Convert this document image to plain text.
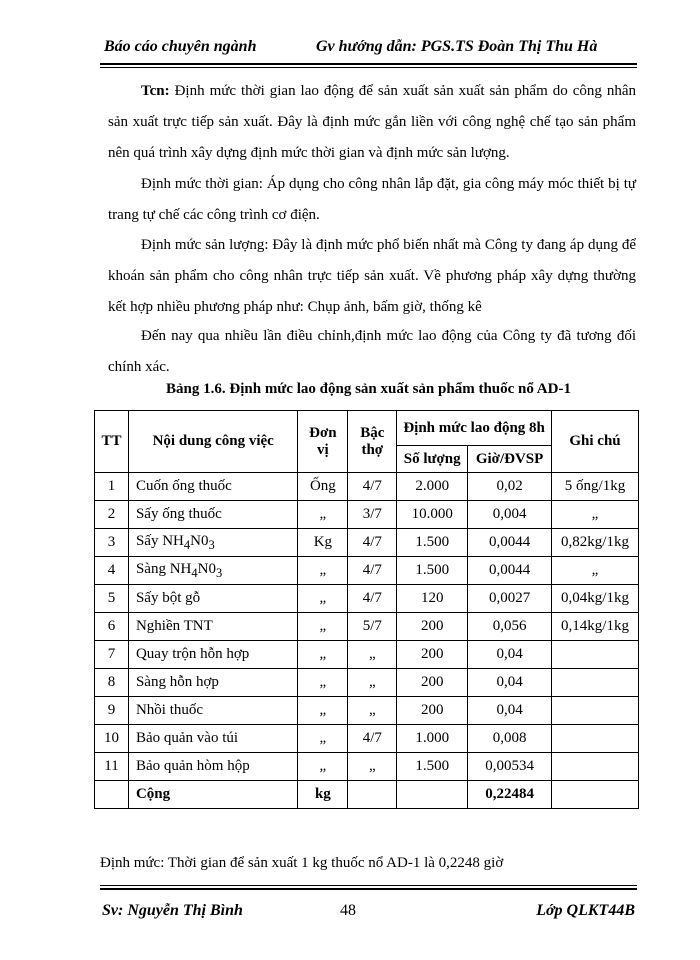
Báo cáo chuyên ngành	Gv hướng dẫn: PGS.TS Đoàn Thị Thu Hà
Tcn: Định mức thời gian lao động để sản xuất sản xuất sản phẩm do công nhân sản xuất trực tiếp sản xuất. Đây là định mức gắn liền với công nghệ chế tạo sản phẩm nên quá trình xây dựng định mức thời gian và định mức sản lượng.
Định mức thời gian: Áp dụng cho công nhân lắp đặt, gia công máy móc thiết bị tự trang tự chế các công trình cơ điện.
Định mức sản lượng: Đây là định mức phổ biến nhất mà Công ty đang áp dụng để khoán sản phẩm cho công nhân trực tiếp sản xuất. Về phương pháp xây dựng thường kết hợp nhiều phương pháp như: Chụp ảnh, bấm giờ, thống kê
Đến nay qua nhiều lần điều chỉnh,định mức lao động của Công ty đã tương đối chính xác.
Bảng 1.6. Định mức lao động sản xuất sản phẩm thuốc nổ AD-1
TT	Nội dung công việc	Đơn vị	Bậc thợ	Định mức lao động 8h		Ghi chú
				Số lượng	Giờ/ĐVSP	
1	Cuốn ống thuốc	Ống	4/7	2.000	0,02	5 ống/1kg
2	Sấy ống thuốc	„	3/7	10.000	0,004	„
3	Sấy $NH_4N0_3$	Kg	4/7	1.500	0,0044	0,82kg/1kg
4	Sàng $NH_4N0_3$	„	4/7	1.500	0,0044	„
5	Sấy bột gỗ	„	4/7	120	0,0027	0,04kg/1kg
6	Nghiền TNT	„	5/7	200	0,056	0,14kg/1kg
7	Quay trộn hỗn hợp	„	„	200	0,04	
8	Sàng hỗn hợp	„	„	200	0,04	
9	Nhồi thuốc	„	„	200	0,04	
10	Bảo quản vào túi	„	4/7	1.000	0,008	
11	Bảo quản hòm hộp	„	„	1.500	0,00534	
	Cộng	kg			0,22484	
Định mức: Thời gian để sản xuất 1 kg thuốc nổ AD-1 là 0,2248 giờ
Sv: Nguyễn Thị Bình	48	Lớp QLKT44B
